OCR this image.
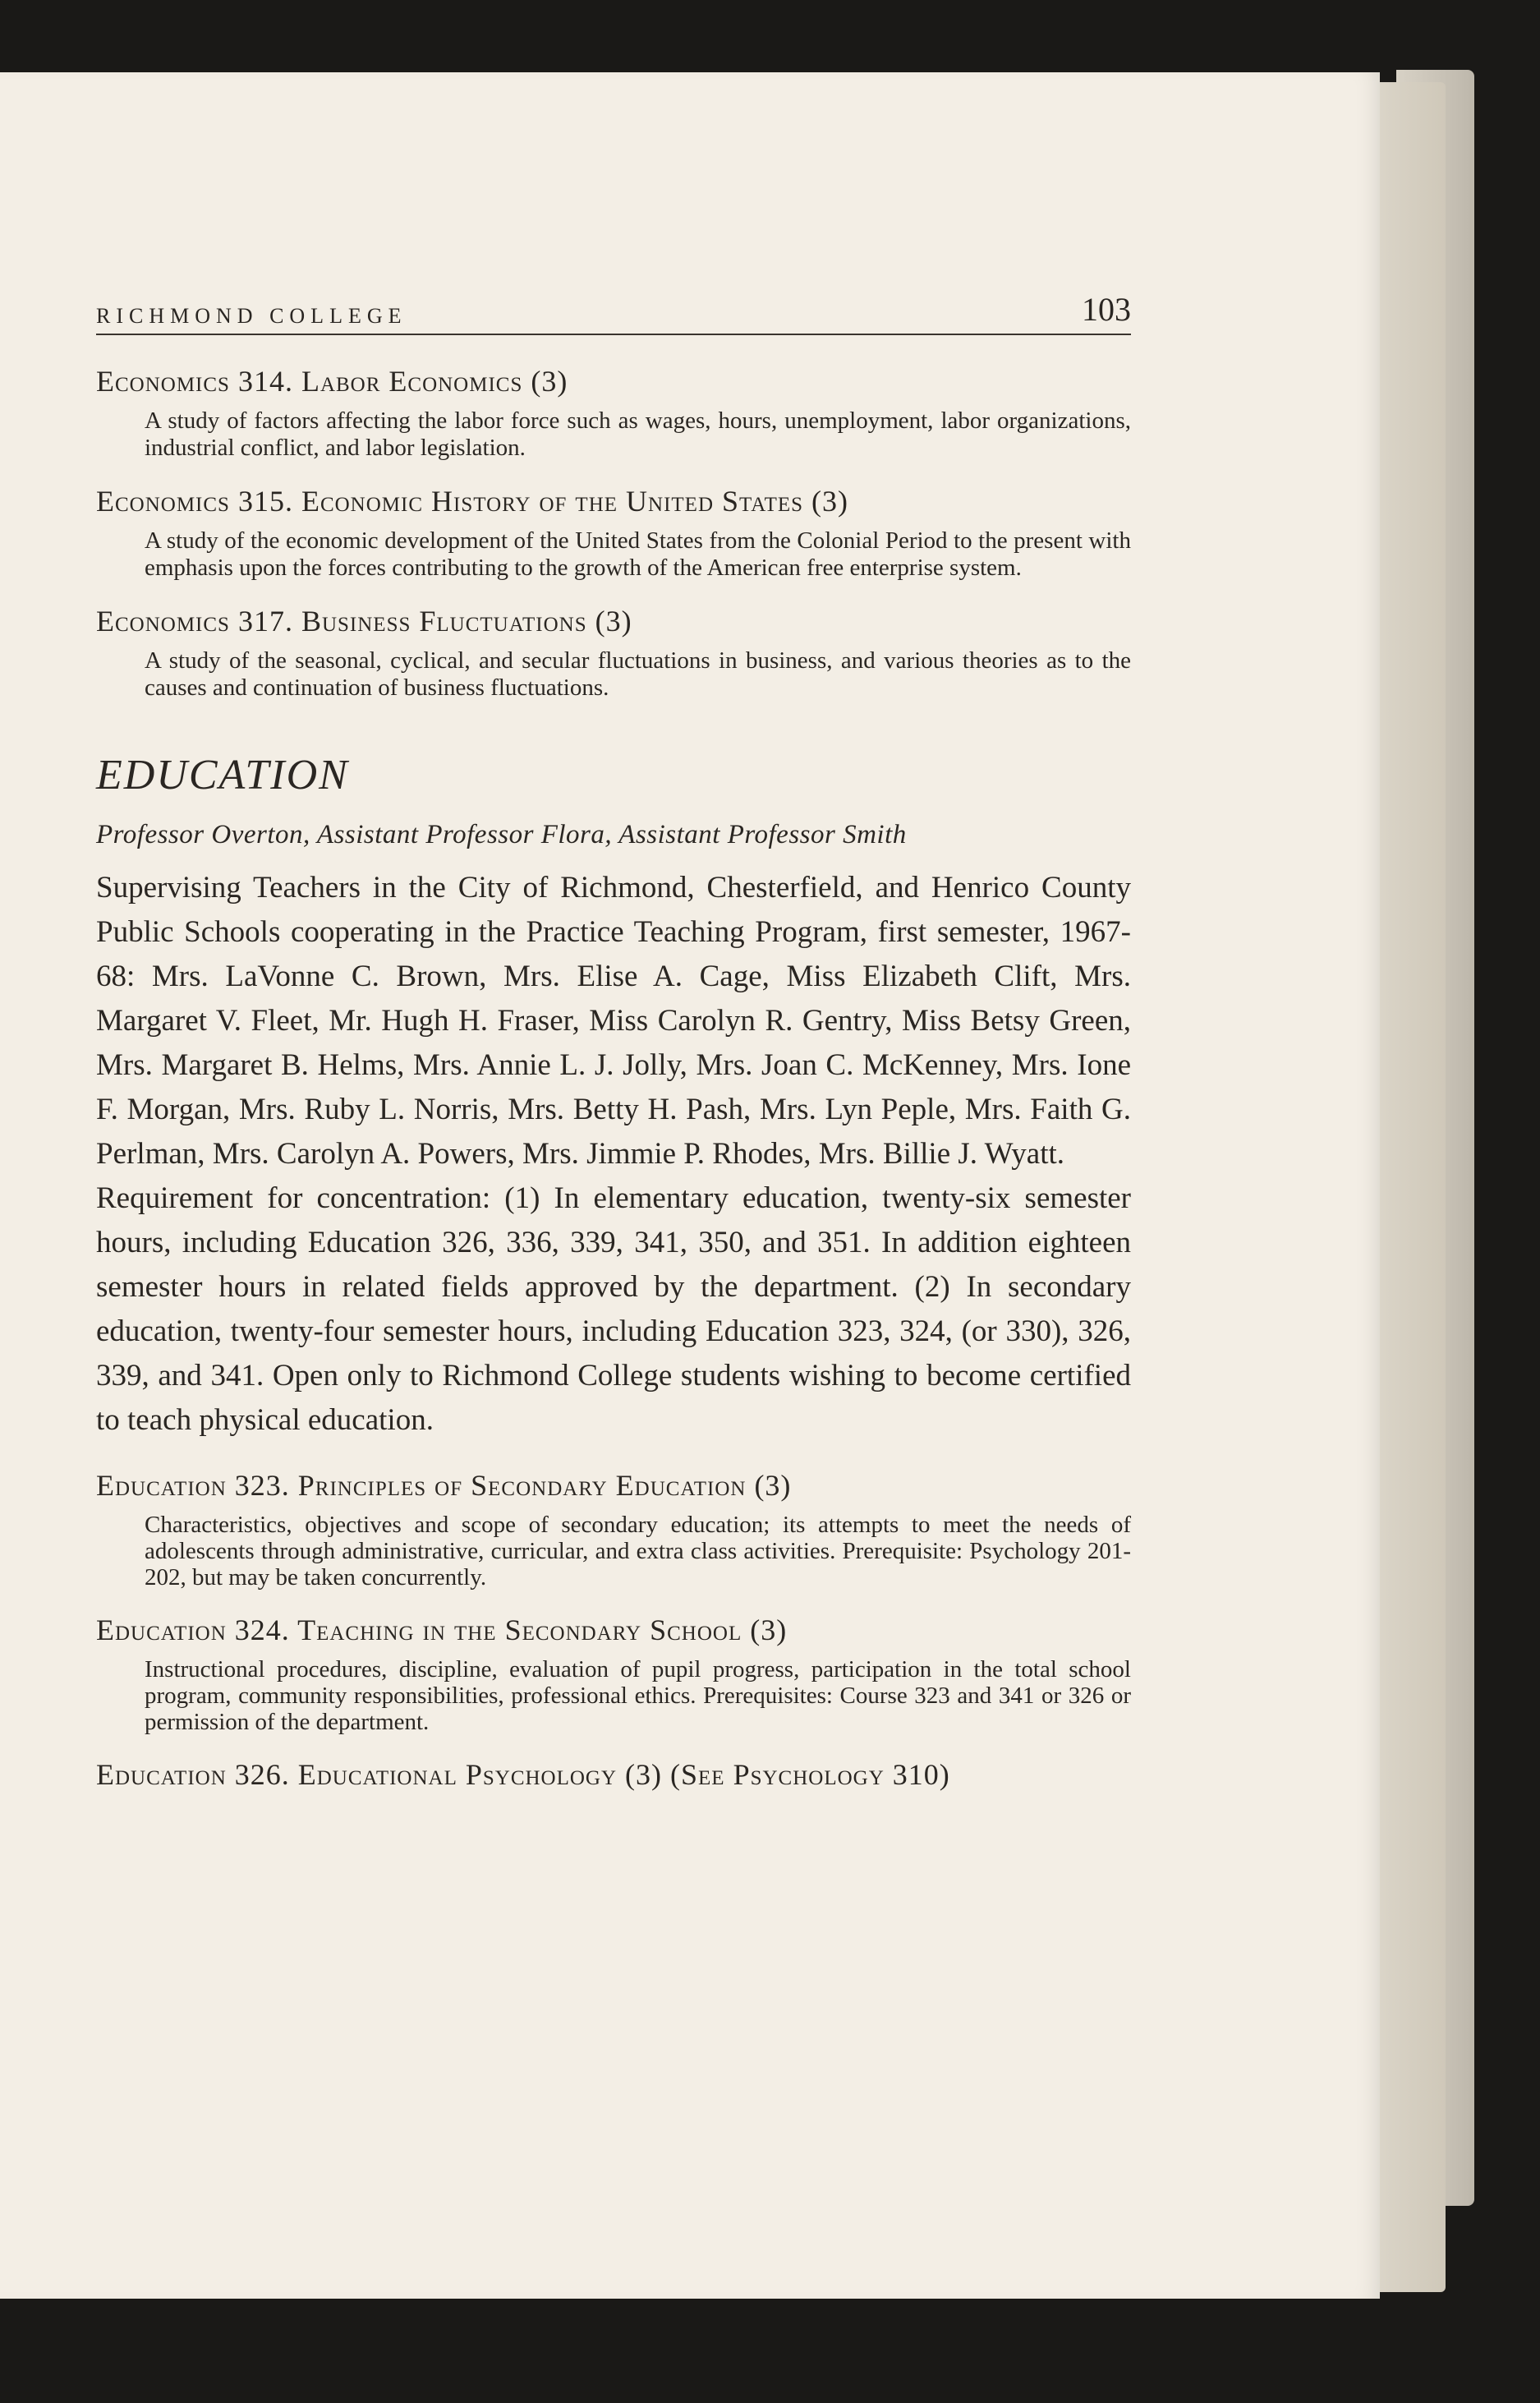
RICHMOND COLLEGE	103
Economics 314. Labor Economics (3)
A study of factors affecting the labor force such as wages, hours, unemployment, labor organizations, industrial conflict, and labor legislation.
Economics 315. Economic History of the United States (3)
A study of the economic development of the United States from the Colonial Period to the present with emphasis upon the forces contributing to the growth of the American free enterprise system.
Economics 317. Business Fluctuations (3)
A study of the seasonal, cyclical, and secular fluctuations in business, and various theories as to the causes and continuation of business fluctuations.
EDUCATION
Professor Overton, Assistant Professor Flora, Assistant Professor Smith
Supervising Teachers in the City of Richmond, Chesterfield, and Henrico County Public Schools cooperating in the Practice Teaching Program, first semester, 1967-68: Mrs. LaVonne C. Brown, Mrs. Elise A. Cage, Miss Elizabeth Clift, Mrs. Margaret V. Fleet, Mr. Hugh H. Fraser, Miss Carolyn R. Gentry, Miss Betsy Green, Mrs. Margaret B. Helms, Mrs. Annie L. J. Jolly, Mrs. Joan C. McKenney, Mrs. Ione F. Morgan, Mrs. Ruby L. Norris, Mrs. Betty H. Pash, Mrs. Lyn Peple, Mrs. Faith G. Perlman, Mrs. Carolyn A. Powers, Mrs. Jimmie P. Rhodes, Mrs. Billie J. Wyatt.
Requirement for concentration: (1) In elementary education, twenty-six semester hours, including Education 326, 336, 339, 341, 350, and 351. In addition eighteen semester hours in related fields approved by the department. (2) In secondary education, twenty-four semester hours, including Education 323, 324, (or 330), 326, 339, and 341. Open only to Richmond College students wishing to become certified to teach physical education.
Education 323. Principles of Secondary Education (3)
Characteristics, objectives and scope of secondary education; its attempts to meet the needs of adolescents through administrative, curricular, and extra class activities. Prerequisite: Psychology 201-202, but may be taken concurrently.
Education 324. Teaching in the Secondary School (3)
Instructional procedures, discipline, evaluation of pupil progress, participation in the total school program, community responsibilities, professional ethics. Prerequisites: Course 323 and 341 or 326 or permission of the department.
Education 326. Educational Psychology (3) (See Psychology 310)
